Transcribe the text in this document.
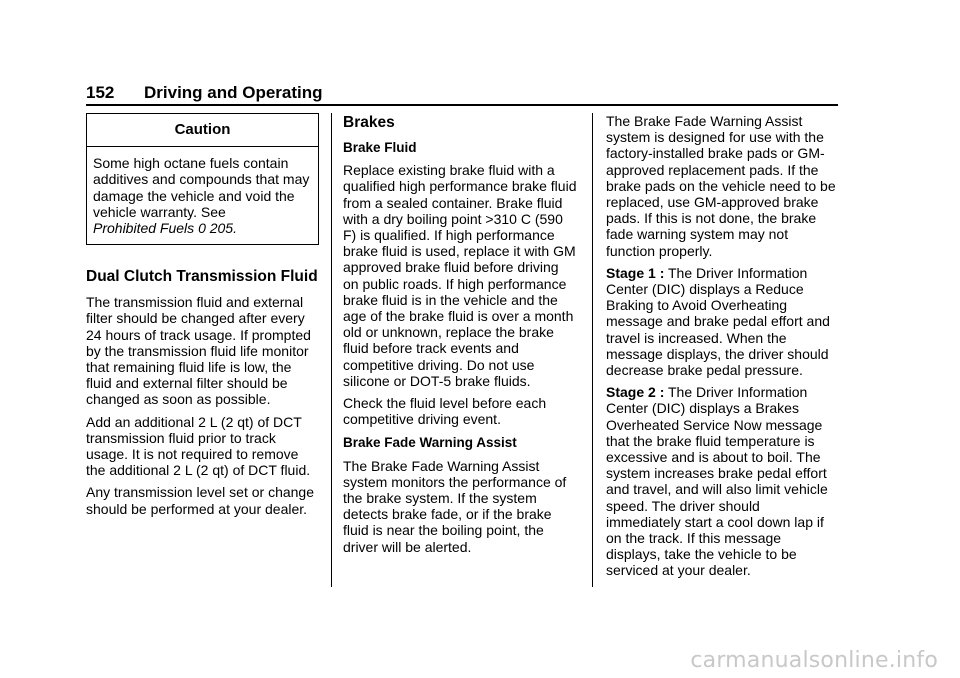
152 Driving and Operating
Caution
Some high octane fuels contain additives and compounds that may damage the vehicle and void the vehicle warranty. See
Prohibited Fuels 0 205.
Dual Clutch Transmission Fluid

The transmission fluid and external filter should be changed after every 24 hours of track usage. If prompted by the transmission fluid life monitor that remaining fluid life is low, the fluid and external filter should be changed as soon as possible.

Add an additional 2 L (2 qt) of DCT transmission fluid prior to track usage. It is not required to remove the additional 2 L (2 qt) of DCT fluid.

Any transmission level set or change should be performed at your dealer.

Brakes
Brake Fluid

Replace existing brake fluid with a qualified high performance brake fluid from a sealed container. Brake fluid with a dry boiling point >310 C (590 F) is qualified. If high performance brake fluid is used, replace it with GM approved brake fluid before driving on public roads. If high performance brake fluid is in the vehicle and the age of the brake fluid is over a month old or unknown, replace the brake fluid before track events and competitive driving. Do not use silicone or DOT-5 brake fluids.

Check the fluid level before each competitive driving event.

Brake Fade Warning Assist

The Brake Fade Warning Assist system monitors the performance of the brake system. If the system detects brake fade, or if the brake fluid is near the boiling point, the driver will be alerted.

The Brake Fade Warning Assist system is designed for use with the factory-installed brake pads or GM-approved replacement pads. If the brake pads on the vehicle need to be replaced, use GM-approved brake pads. If this is not done, the brake fade warning system may not function properly.

Stage 1 : The Driver Information Center (DIC) displays a Reduce Braking to Avoid Overheating message and brake pedal effort and travel is increased. When the message displays, the driver should decrease brake pedal pressure.

Stage 2 : The Driver Information Center (DIC) displays a Brakes Overheated Service Now message that the brake fluid temperature is excessive and is about to boil. The system increases brake pedal effort and travel, and will also limit vehicle speed. The driver should immediately start a cool down lap if on the track. If this message displays, take the vehicle to be serviced at your dealer.

carmanualsonline.info
